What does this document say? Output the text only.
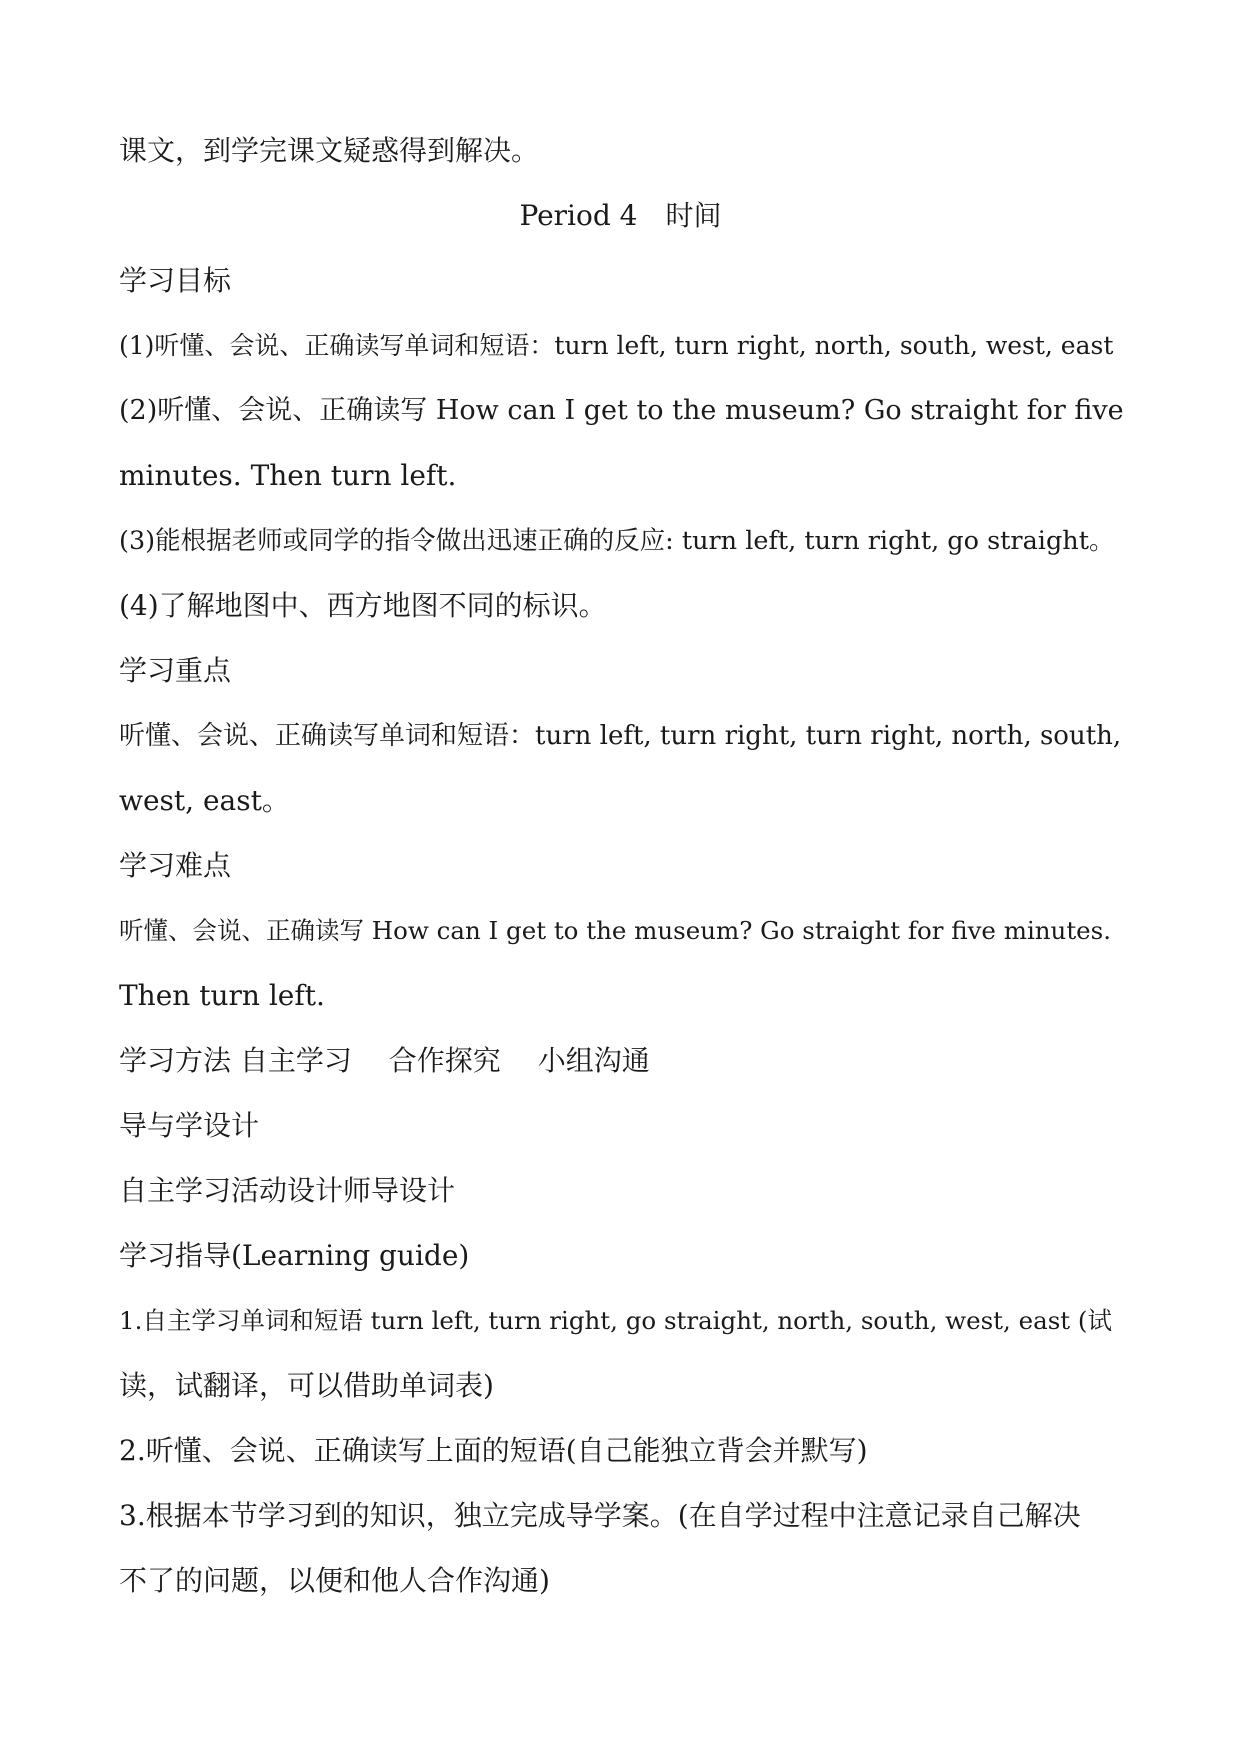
课文，到学完课文疑惑得到解决。
Period 4　时间
学习目标
(1)听懂、会说、正确读写单词和短语：turn left, turn right, north, south, west, east
(2)听懂、会说、正确读写 How can I get to the museum? Go straight for five
minutes. Then turn left.
(3)能根据老师或同学的指令做出迅速正确的反应: turn left, turn right, go straight。
(4)了解地图中、西方地图不同的标识。
学习重点
听懂、会说、正确读写单词和短语：turn left, turn right, turn right, north, south,
west, east。
学习难点
听懂、会说、正确读写 How can I get to the museum? Go straight for five minutes.
Then turn left.
学习方法 自主学习　 合作探究　 小组沟通
导与学设计
自主学习活动设计师导设计
学习指导(Learning guide)
1.自主学习单词和短语 turn left, turn right, go straight, north, south, west, east (试
读，试翻译，可以借助单词表)
2.听懂、会说、正确读写上面的短语(自己能独立背会并默写)
3.根据本节学习到的知识，独立完成导学案。(在自学过程中注意记录自己解决
不了的问题，以便和他人合作沟通)
